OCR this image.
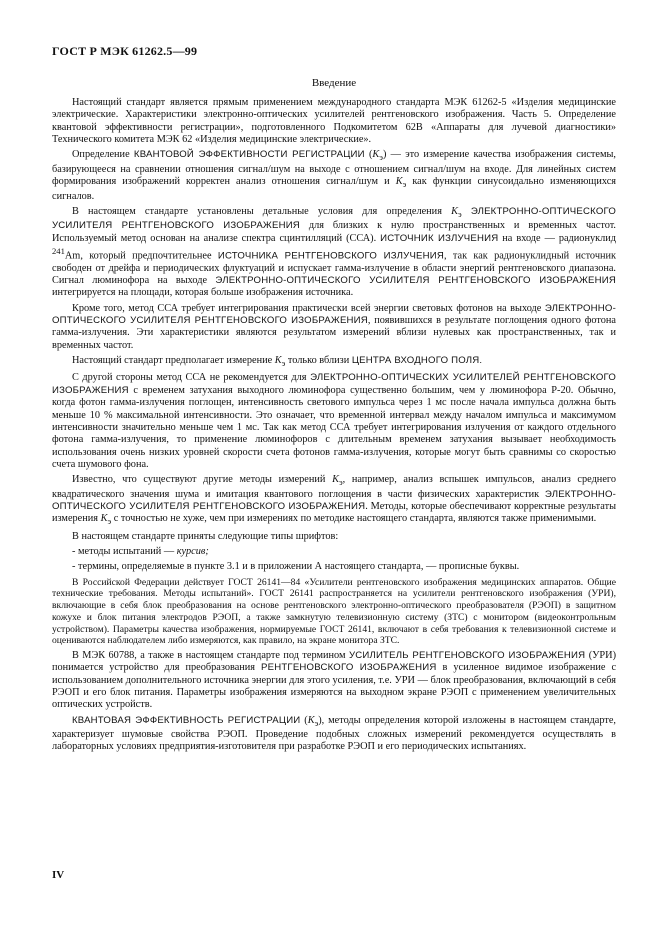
ГОСТ Р МЭК 61262.5—99
Введение

Настоящий стандарт является прямым применением международного стандарта МЭК 61262-5 «Изделия медицинские электрические. Характеристики электронно-оптических усилителей рентгеновского изображения. Часть 5. Определение квантовой эффективности регистрации», подготовленного Подкомитетом 62В «Аппараты для лучевой диагностики» Технического комитета МЭК 62 «Изделия медицинские электрические».

Определение КВАНТОВОЙ ЭФФЕКТИВНОСТИ РЕГИСТРАЦИИ $(K_э)$ — это измерение качества изображения системы, базирующееся на сравнении отношения сигнал/шум на выходе с отношением сигнал/шум на входе. Для линейных систем формирования изображений корректен анализ отношения сигнал/шум и $K_э$ как функции синусоидально изменяющихся сигналов.

В настоящем стандарте установлены детальные условия для определения $K_э$ ЭЛЕКТРОННО-ОПТИЧЕСКОГО УСИЛИТЕЛЯ РЕНТГЕНОВСКОГО ИЗОБРАЖЕНИЯ для близких к нулю пространственных и временных частот. Используемый метод основан на анализе спектра сцинтилляций (ССА). ИСТОЧНИК ИЗЛУЧЕНИЯ на входе — радионуклид $^{241}$Am, который предпочтительнее ИСТОЧНИКА РЕНТГЕНОВСКОГО ИЗЛУЧЕНИЯ, так как радионуклидный источник свободен от дрейфа и периодических флуктуаций и испускает гамма-излучение в области энергий рентгеновского диапазона. Сигнал люминофора на выходе ЭЛЕКТРОННО-ОПТИЧЕСКОГО УСИЛИТЕЛЯ РЕНТГЕНОВСКОГО ИЗОБРАЖЕНИЯ интегрируется на площади, которая больше изображения источника.

Кроме того, метод ССА требует интегрирования практически всей энергии световых фотонов на выходе ЭЛЕКТРОННО-ОПТИЧЕСКОГО УСИЛИТЕЛЯ РЕНТГЕНОВСКОГО ИЗОБРАЖЕНИЯ, появившихся в результате поглощения одного фотона гамма-излучения. Эти характеристики являются результатом измерений вблизи нулевых как пространственных, так и временных частот.

Настоящий стандарт предполагает измерение $K_э$ только вблизи ЦЕНТРА ВХОДНОГО ПОЛЯ.

С другой стороны метод ССА не рекомендуется для ЭЛЕКТРОННО-ОПТИЧЕСКИХ УСИЛИТЕЛЕЙ РЕНТГЕНОВСКОГО ИЗОБРАЖЕНИЯ с временем затухания выходного люминофора существенно большим, чем у люминофора Р-20. Обычно, когда фотон гамма-излучения поглощен, интенсивность светового импульса через 1 мс после начала импульса должна быть меньше 10 % максимальной интенсивности. Это означает, что временной интервал между началом импульса и максимумом интенсивности значительно меньше чем 1 мс. Так как метод ССА требует интегрирования излучения от каждого отдельного фотона гамма-излучения, то применение люминофоров с длительным временем затухания вызывает необходимость использования очень низких уровней скорости счета фотонов гамма-излучения, которые могут быть сравнимы со скоростью счета шумового фона.

Известно, что существуют другие методы измерений $K_э$, например, анализ вспышек импульсов, анализ среднего квадратического значения шума и имитация квантового поглощения в части физических характеристик ЭЛЕКТРОННО-ОПТИЧЕСКОГО УСИЛИТЕЛЯ РЕНТГЕНОВСКОГО ИЗОБРАЖЕНИЯ. Методы, которые обеспечивают корректные результаты измерения $K_э$ с точностью не хуже, чем при измерениях по методике настоящего стандарта, являются также применимыми.

В настоящем стандарте приняты следующие типы шрифтов:

- методы испытаний — курсив;

- термины, определяемые в пункте 3.1 и в приложении А настоящего стандарта, — прописные буквы.

В Российской Федерации действует ГОСТ 26141—84 «Усилители рентгеновского изображения медицинских аппаратов. Общие технические требования. Методы испытаний». ГОСТ 26141 распространяется на усилители рентгеновского изображения (УРИ), включающие в себя блок преобразования на основе рентгеновского электронно-оптического преобразователя (РЭОП) в защитном кожухе и блок питания электродов РЭОП, а также замкнутую телевизионную систему (ЗТС) с монитором (видеоконтрольным устройством). Параметры качества изображения, нормируемые ГОСТ 26141, включают в себя требования к телевизионной системе и оцениваются наблюдателем либо измеряются, как правило, на экране монитора ЗТС.

В МЭК 60788, а также в настоящем стандарте под термином УСИЛИТЕЛЬ РЕНТГЕНОВСКОГО ИЗОБРАЖЕНИЯ (УРИ) понимается устройство для преобразования РЕНТГЕНОВСКОГО ИЗОБРАЖЕНИЯ в усиленное видимое изображение с использованием дополнительного источника энергии для этого усиления, т.е. УРИ — блок преобразования, включающий в себя РЭОП и его блок питания. Параметры изображения измеряются на выходном экране РЭОП с применением увеличительных оптических устройств.

КВАНТОВАЯ ЭФФЕКТИВНОСТЬ РЕГИСТРАЦИИ $(K_э)$, методы определения которой изложены в настоящем стандарте, характеризует шумовые свойства РЭОП. Проведение подобных сложных измерений рекомендуется осуществлять в лабораторных условиях предприятия-изготовителя при разработке РЭОП и его периодических испытаниях.

IV
